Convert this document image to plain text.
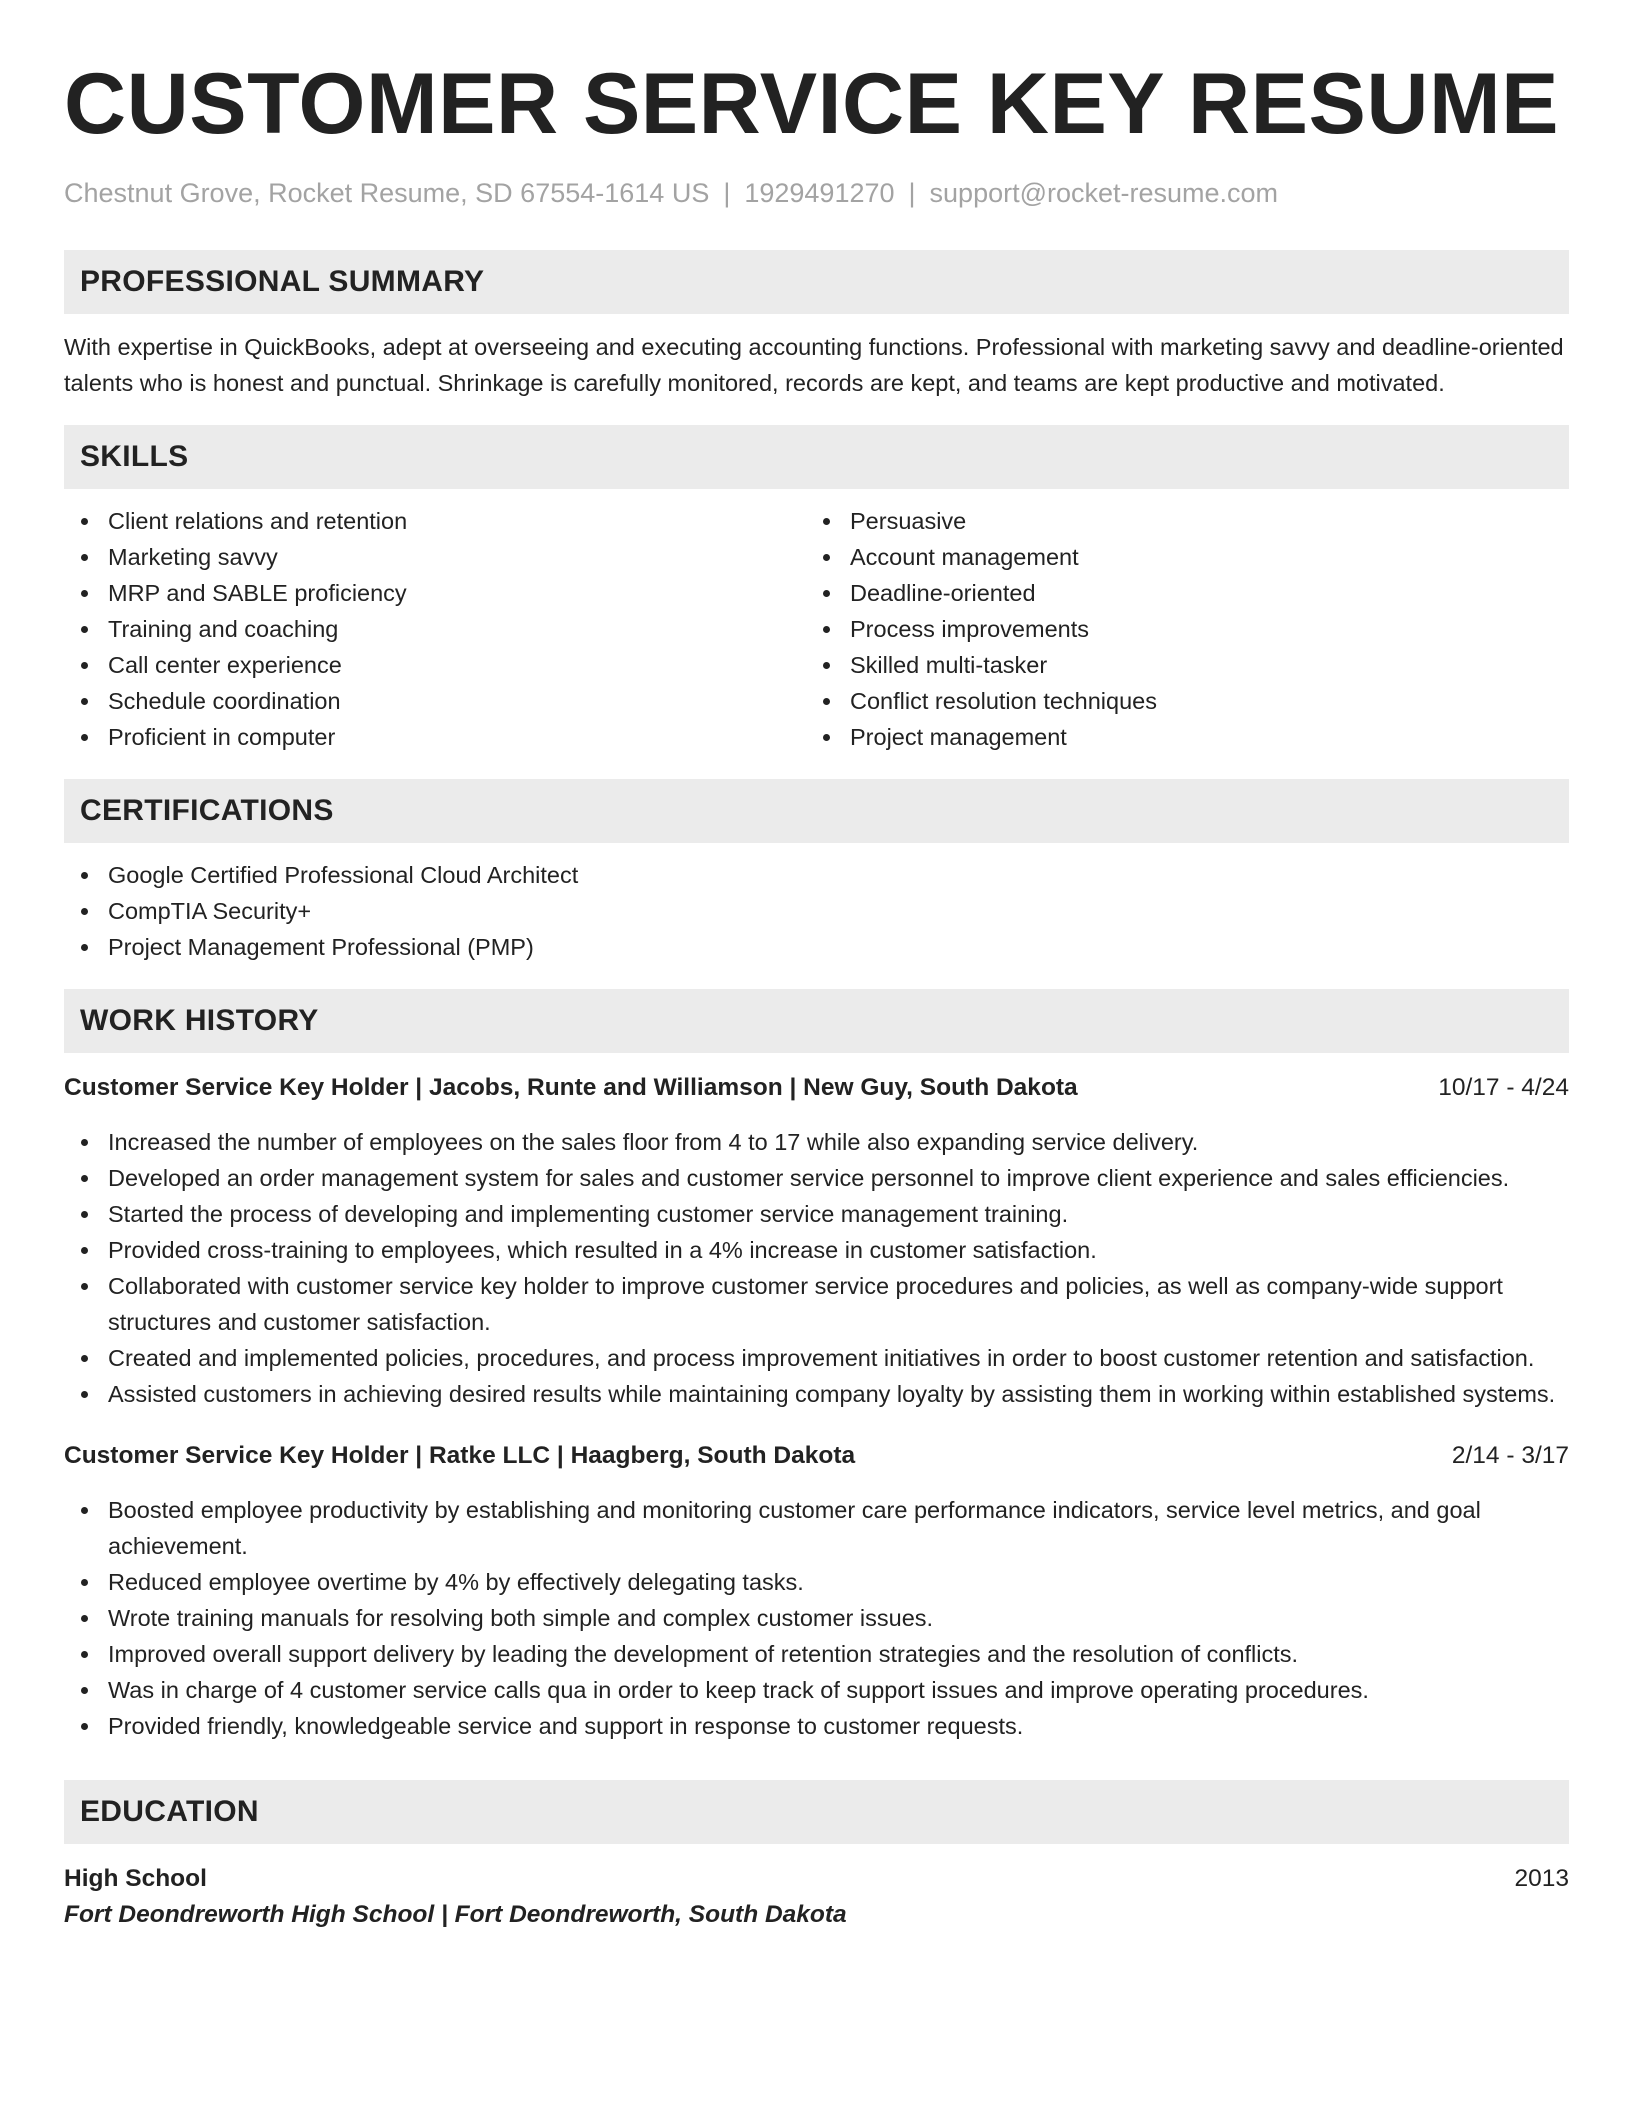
CUSTOMER SERVICE KEY RESUME
Chestnut Grove, Rocket Resume, SD 67554-1614 US | 1929491270 | support@rocket-resume.com
PROFESSIONAL SUMMARY

With expertise in QuickBooks, adept at overseeing and executing accounting functions. Professional with marketing savvy and deadline-oriented talents who is honest and punctual. Shrinkage is carefully monitored, records are kept, and teams are kept productive and motivated.

SKILLS
Client relations and retention
Marketing savvy
MRP and SABLE proficiency
Training and coaching
Call center experience
Schedule coordination
Proficient in computer
Persuasive
Account management
Deadline-oriented
Process improvements
Skilled multi-tasker
Conflict resolution techniques
Project management
CERTIFICATIONS
Google Certified Professional Cloud Architect
CompTIA Security+
Project Management Professional (PMP)
WORK HISTORY
Customer Service Key Holder | Jacobs, Runte and Williamson | New Guy, South Dakota	10/17 - 4/24
Increased the number of employees on the sales floor from 4 to 17 while also expanding service delivery.
Developed an order management system for sales and customer service personnel to improve client experience and sales efficiencies.
Started the process of developing and implementing customer service management training.
Provided cross-training to employees, which resulted in a 4% increase in customer satisfaction.
Collaborated with customer service key holder to improve customer service procedures and policies, as well as company-wide support structures and customer satisfaction.
Created and implemented policies, procedures, and process improvement initiatives in order to boost customer retention and satisfaction.
Assisted customers in achieving desired results while maintaining company loyalty by assisting them in working within established systems.
Customer Service Key Holder | Ratke LLC | Haagberg, South Dakota	2/14 - 3/17
Boosted employee productivity by establishing and monitoring customer care performance indicators, service level metrics, and goal achievement.
Reduced employee overtime by 4% by effectively delegating tasks.
Wrote training manuals for resolving both simple and complex customer issues.
Improved overall support delivery by leading the development of retention strategies and the resolution of conflicts.
Was in charge of 4 customer service calls qua in order to keep track of support issues and improve operating procedures.
Provided friendly, knowledgeable service and support in response to customer requests.
EDUCATION
High School	2013
Fort Deondreworth High School | Fort Deondreworth, South Dakota
